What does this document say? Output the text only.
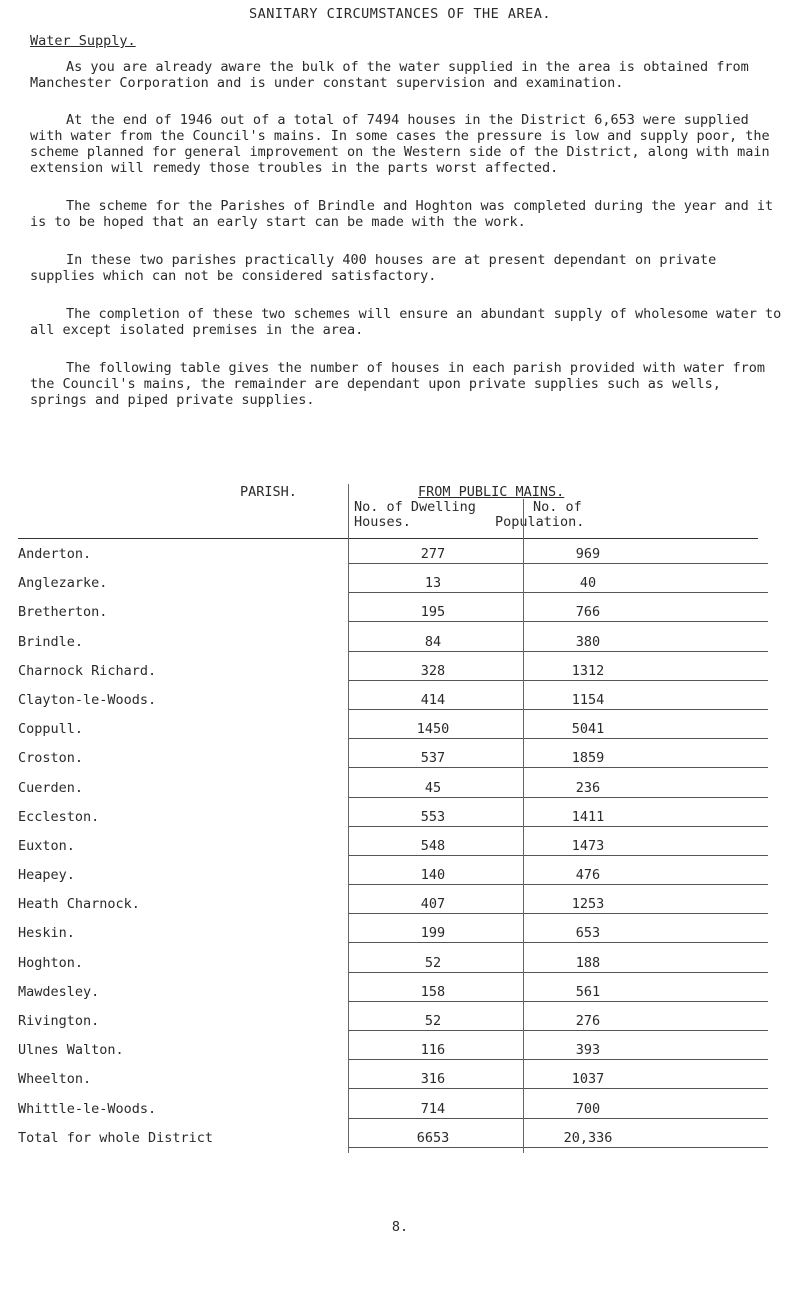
SANITARY CIRCUMSTANCES OF THE AREA.
Water Supply.

As you are already aware the bulk of the water supplied in the area is obtained from Manchester Corporation and is under constant supervision and examination.

At the end of 1946 out of a total of 7494 houses in the District 6,653 were supplied with water from the Council's mains. In some cases the pressure is low and supply poor, the scheme planned for general improvement on the Western side of the District, along with main extension will remedy those troubles in the parts worst affected.

The scheme for the Parishes of Brindle and Hoghton was completed during the year and it is to be hoped that an early start can be made with the work.

In these two parishes practically 400 houses are at present dependant on private supplies which can not be considered satisfactory.

The completion of these two schemes will ensure an abundant supply of wholesome water to all except isolated premises in the area.

The following table gives the number of houses in each parish provided with water from the Council's mains, the remainder are dependant upon private supplies such as wells, springs and piped private supplies.

PARISH.	FROM PUBLIC MAINS.
No. of Dwelling
Houses.
No. of
Population.
Anderton.	277	969
Anglezarke.	13	40
Bretherton.	195	766
Brindle.	84	380
Charnock Richard.	328	1312
Clayton-le-Woods.	414	1154
Coppull.	1450	5041
Croston.	537	1859
Cuerden.	45	236
Eccleston.	553	1411
Euxton.	548	1473
Heapey.	140	476
Heath Charnock.	407	1253
Heskin.	199	653
Hoghton.	52	188
Mawdesley.	158	561
Rivington.	52	276
Ulnes Walton.	116	393
Wheelton.	316	1037
Whittle-le-Woods.	714	700
Total for whole District	6653	20,336
8.
